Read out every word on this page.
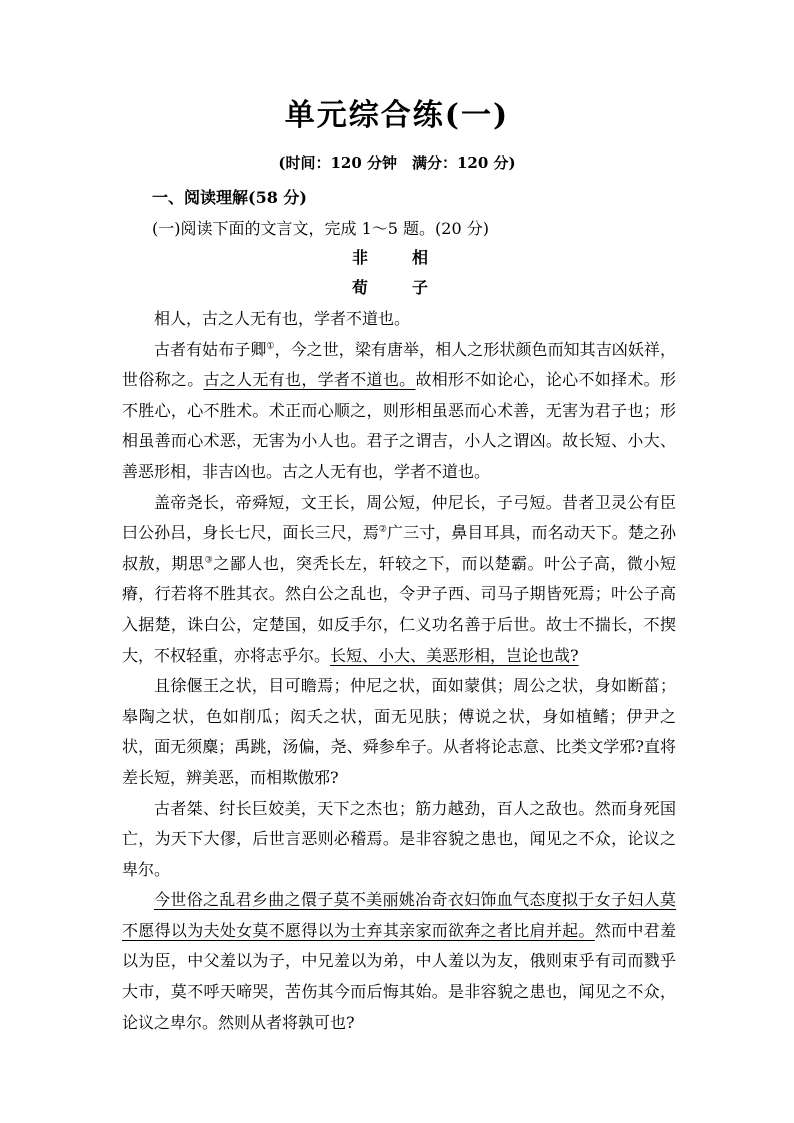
单元综合练(一)
(时间：120 分钟　满分：120 分)
一、阅读理解(58 分)
(一)阅读下面的文言文，完成 1～5 题。(20 分)
非　相
荀　子

相人，古之人无有也，学者不道也。

古者有姑布子卿①，今之世，梁有唐举，相人之形状颜色而知其吉凶妖祥，世俗称之。古之人无有也，学者不道也。故相形不如论心，论心不如择术。形不胜心，心不胜术。术正而心顺之，则形相虽恶而心术善，无害为君子也；形相虽善而心术恶，无害为小人也。君子之谓吉，小人之谓凶。故长短、小大、善恶形相，非吉凶也。古之人无有也，学者不道也。

盖帝尧长，帝舜短，文王长，周公短，仲尼长，子弓短。昔者卫灵公有臣曰公孙吕，身长七尺，面长三尺，焉②广三寸，鼻目耳具，而名动天下。楚之孙叔敖，期思③之鄙人也，突秃长左，轩较之下，而以楚霸。叶公子高，微小短瘠，行若将不胜其衣。然白公之乱也，令尹子西、司马子期皆死焉；叶公子高入据楚，诛白公，定楚国，如反手尔，仁义功名善于后世。故士不揣长，不揳大，不权轻重，亦将志乎尔。长短、小大、美恶形相，岂论也哉?

且徐偃王之状，目可瞻焉；仲尼之状，面如蒙倛；周公之状，身如断菑；皋陶之状，色如削瓜；闳夭之状，面无见肤；傅说之状，身如植鳍；伊尹之状，面无须麋；禹跳，汤偏，尧、舜参牟子。从者将论志意、比类文学邪?直将差长短，辨美恶，而相欺傲邪?

古者桀、纣长巨姣美，天下之杰也；筋力越劲，百人之敌也。然而身死国亡，为天下大僇，后世言恶则必稽焉。是非容貌之患也，闻见之不众，论议之卑尔。

今世俗之乱君乡曲之儇子莫不美丽姚冶奇衣妇饰血气态度拟于女子妇人莫不愿得以为夫处女莫不愿得以为士弃其亲家而欲奔之者比肩并起。然而中君羞以为臣，中父羞以为子，中兄羞以为弟，中人羞以为友，俄则束乎有司而戮乎大市，莫不呼天啼哭，苦伤其今而后悔其始。是非容貌之患也，闻见之不众，论议之卑尔。然则从者将孰可也?
